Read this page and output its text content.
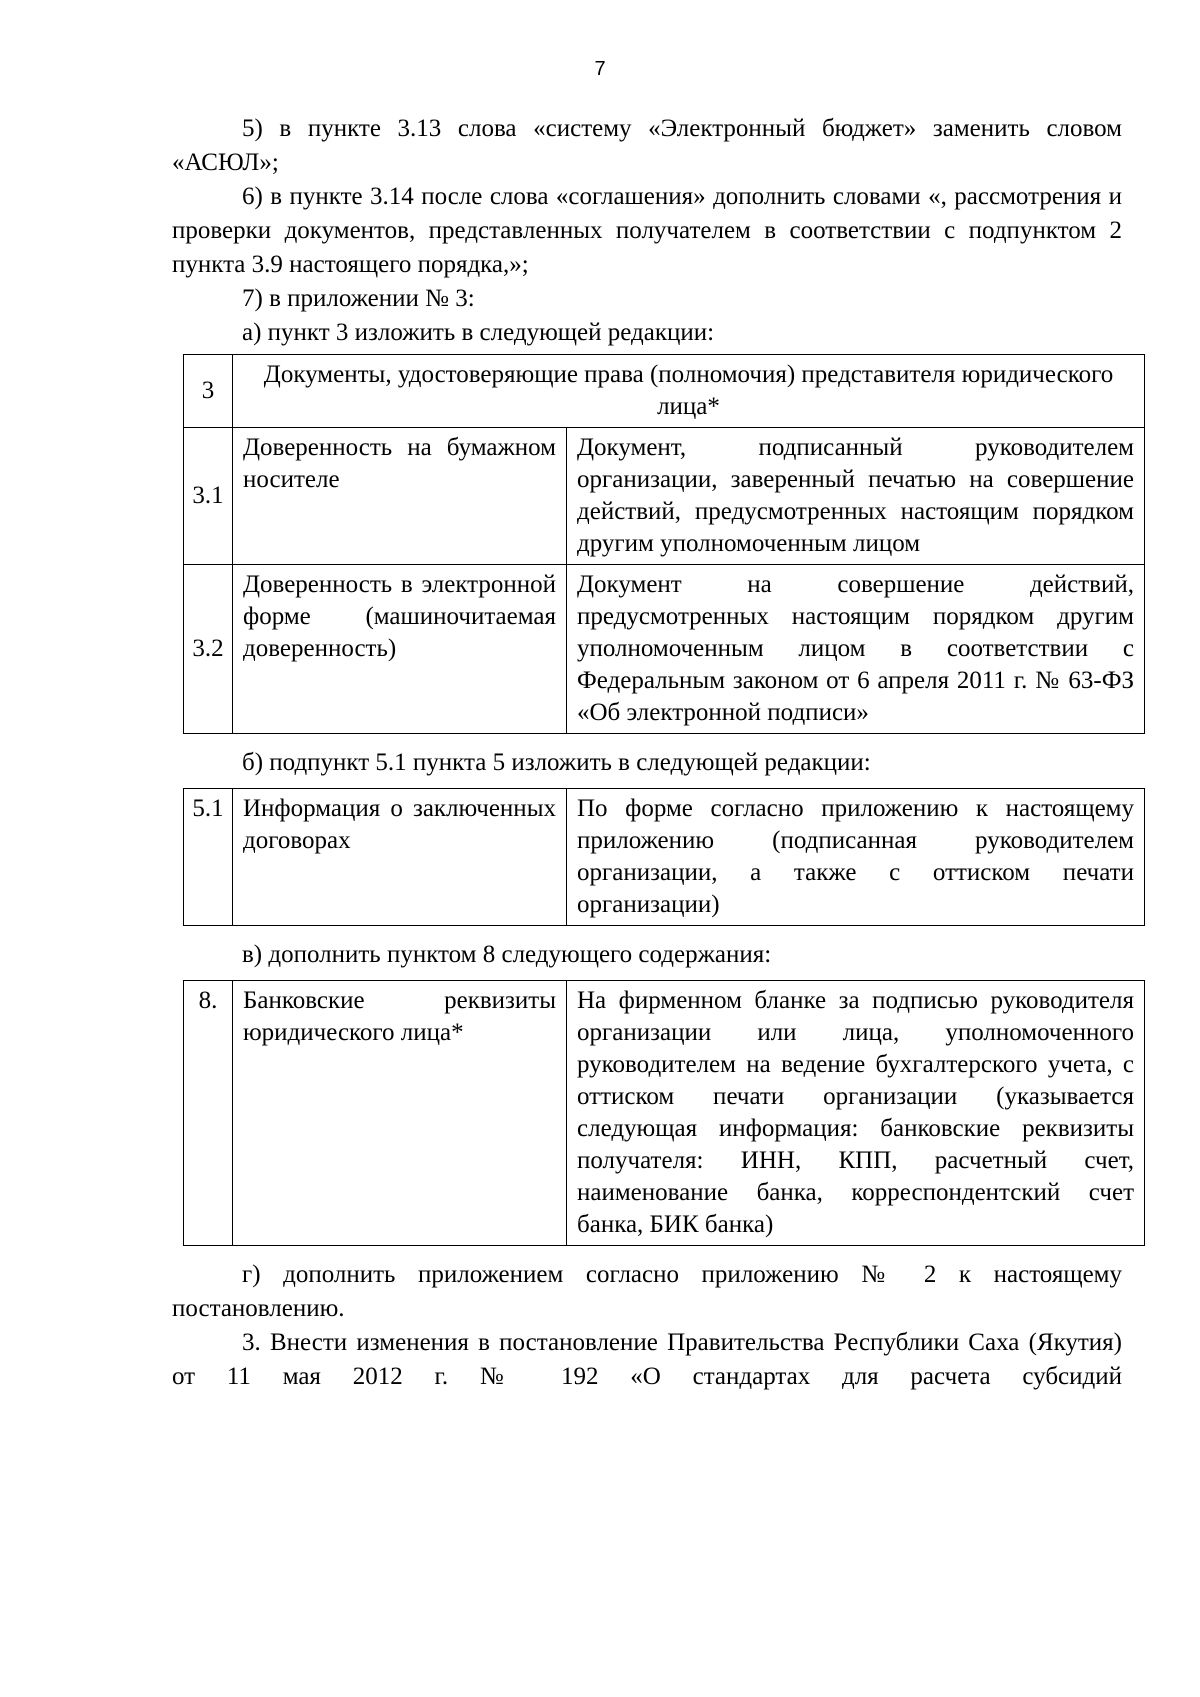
7

5) в пункте 3.13 слова «систему «Электронный бюджет» заменить словом «АСЮЛ»;

6) в пункте 3.14 после слова «соглашения» дополнить словами «, рассмотрения и проверки документов, представленных получателем в соответствии с подпунктом 2 пункта 3.9 настоящего порядка,»;

7) в приложении № 3:

а) пункт 3 изложить в следующей редакции:

3	Документы, удостоверяющие права (полномочия) представителя юридического лица*	
3.1	Доверенность на бумажном носителе	Документ, подписанный руководителем организации, заверенный печатью на совершение действий, предусмотренных настоящим порядком другим уполномоченным лицом
3.2	Доверенность в электронной форме (машиночитаемая доверенность)	Документ на совершение действий, предусмотренных настоящим порядком другим уполномоченным лицом в соответствии с Федеральным законом от 6 апреля 2011 г. № 63-ФЗ «Об электронной подписи»

б) подпункт 5.1 пункта 5 изложить в следующей редакции:

5.1	Информация о заключенных договорах	По форме согласно приложению к настоящему приложению (подписанная руководителем организации, а также с оттиском печати организации)

в) дополнить пунктом 8 следующего содержания:

8.	Банковские реквизиты юридического лица*	На фирменном бланке за подписью руководителя организации или лица, уполномоченного руководителем на ведение бухгалтерского учета, с оттиском печати организации (указывается следующая информация: банковские реквизиты получателя: ИНН, КПП, расчетный счет, наименование банка, корреспондентский счет банка, БИК банка)

г) дополнить приложением согласно приложению № 2 к настоящему постановлению.

3. Внести изменения в постановление Правительства Республики Саха (Якутия) от 11 мая 2012 г. № 192 «О стандартах для расчета субсидий
